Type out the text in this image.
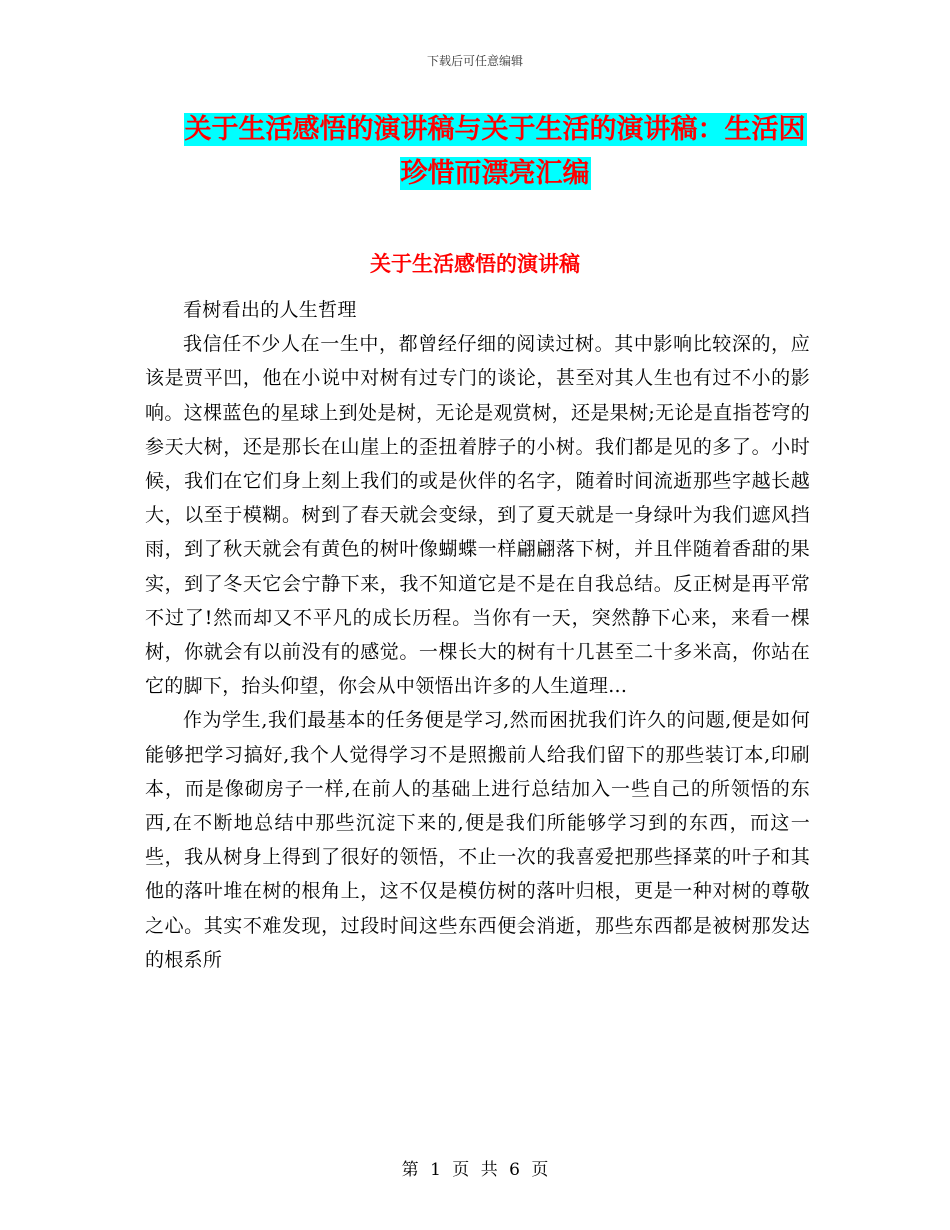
下载后可任意编辑
关于生活感悟的演讲稿与关于生活的演讲稿：生活因
珍惜而漂亮汇编
关于生活感悟的演讲稿

看树看出的人生哲理

我信任不少人在一生中，都曾经仔细的阅读过树。其中影响比较深的，应该是贾平凹，他在小说中对树有过专门的谈论，甚至对其人生也有过不小的影响。这棵蓝色的星球上到处是树，无论是观赏树，还是果树;无论是直指苍穹的参天大树，还是那长在山崖上的歪扭着脖子的小树。我们都是见的多了。小时候，我们在它们身上刻上我们的或是伙伴的名字，随着时间流逝那些字越长越大，以至于模糊。树到了春天就会变绿，到了夏天就是一身绿叶为我们遮风挡雨，到了秋天就会有黄色的树叶像蝴蝶一样翩翩落下树，并且伴随着香甜的果实，到了冬天它会宁静下来，我不知道它是不是在自我总结。反正树是再平常不过了!然而却又不平凡的成长历程。当你有一天，突然静下心来，来看一棵树，你就会有以前没有的感觉。一棵长大的树有十几甚至二十多米高，你站在它的脚下，抬头仰望，你会从中领悟出许多的人生道理...

作为学生,我们最基本的任务便是学习,然而困扰我们许久的问题,便是如何能够把学习搞好,我个人觉得学习不是照搬前人给我们留下的那些装订本,印刷本，而是像砌房子一样,在前人的基础上进行总结加入一些自己的所领悟的东西,在不断地总结中那些沉淀下来的,便是我们所能够学习到的东西，而这一些，我从树身上得到了很好的领悟，不止一次的我喜爱把那些择菜的叶子和其他的落叶堆在树的根角上，这不仅是模仿树的落叶归根，更是一种对树的尊敬之心。其实不难发现，过段时间这些东西便会消逝，那些东西都是被树那发达的根系所

第 1 页 共 6 页
